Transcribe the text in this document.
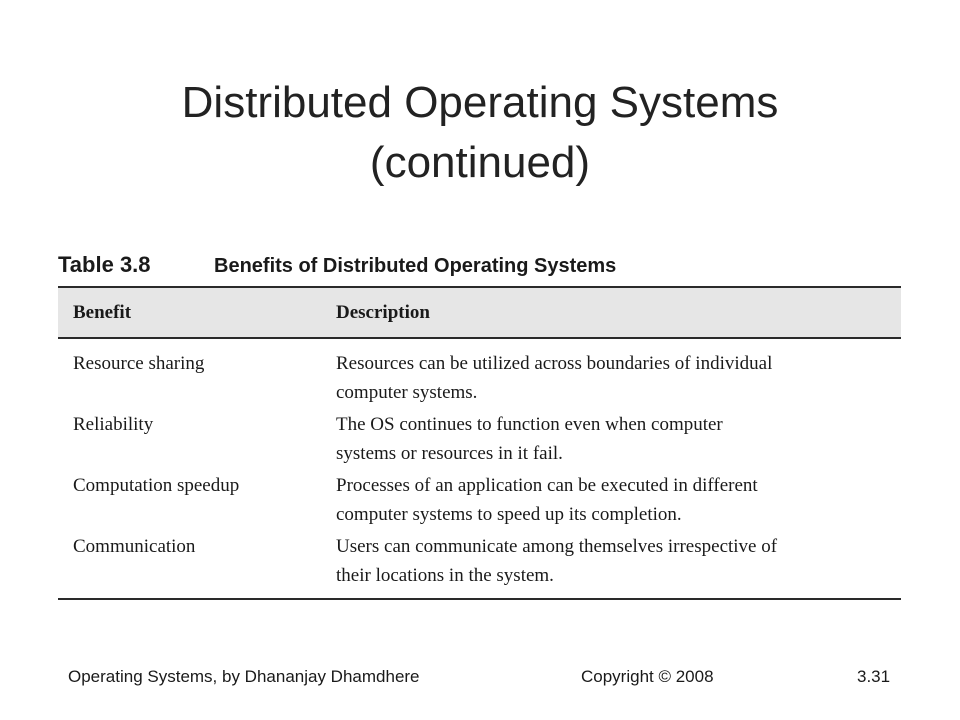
Distributed Operating Systems
(continued)
Table 3.8	Benefits of Distributed Operating Systems
Benefit	Description
Resource sharing	Resources can be utilized across boundaries of individual
computer systems.

Reliability	The OS continues to function even when computer
systems or resources in it fail.

Computation speedup	Processes of an application can be executed in different
computer systems to speed up its completion.

Communication	Users can communicate among themselves irrespective of
their locations in the system.
Operating Systems, by Dhananjay Dhamdhere	Copyright © 2008	3.31
